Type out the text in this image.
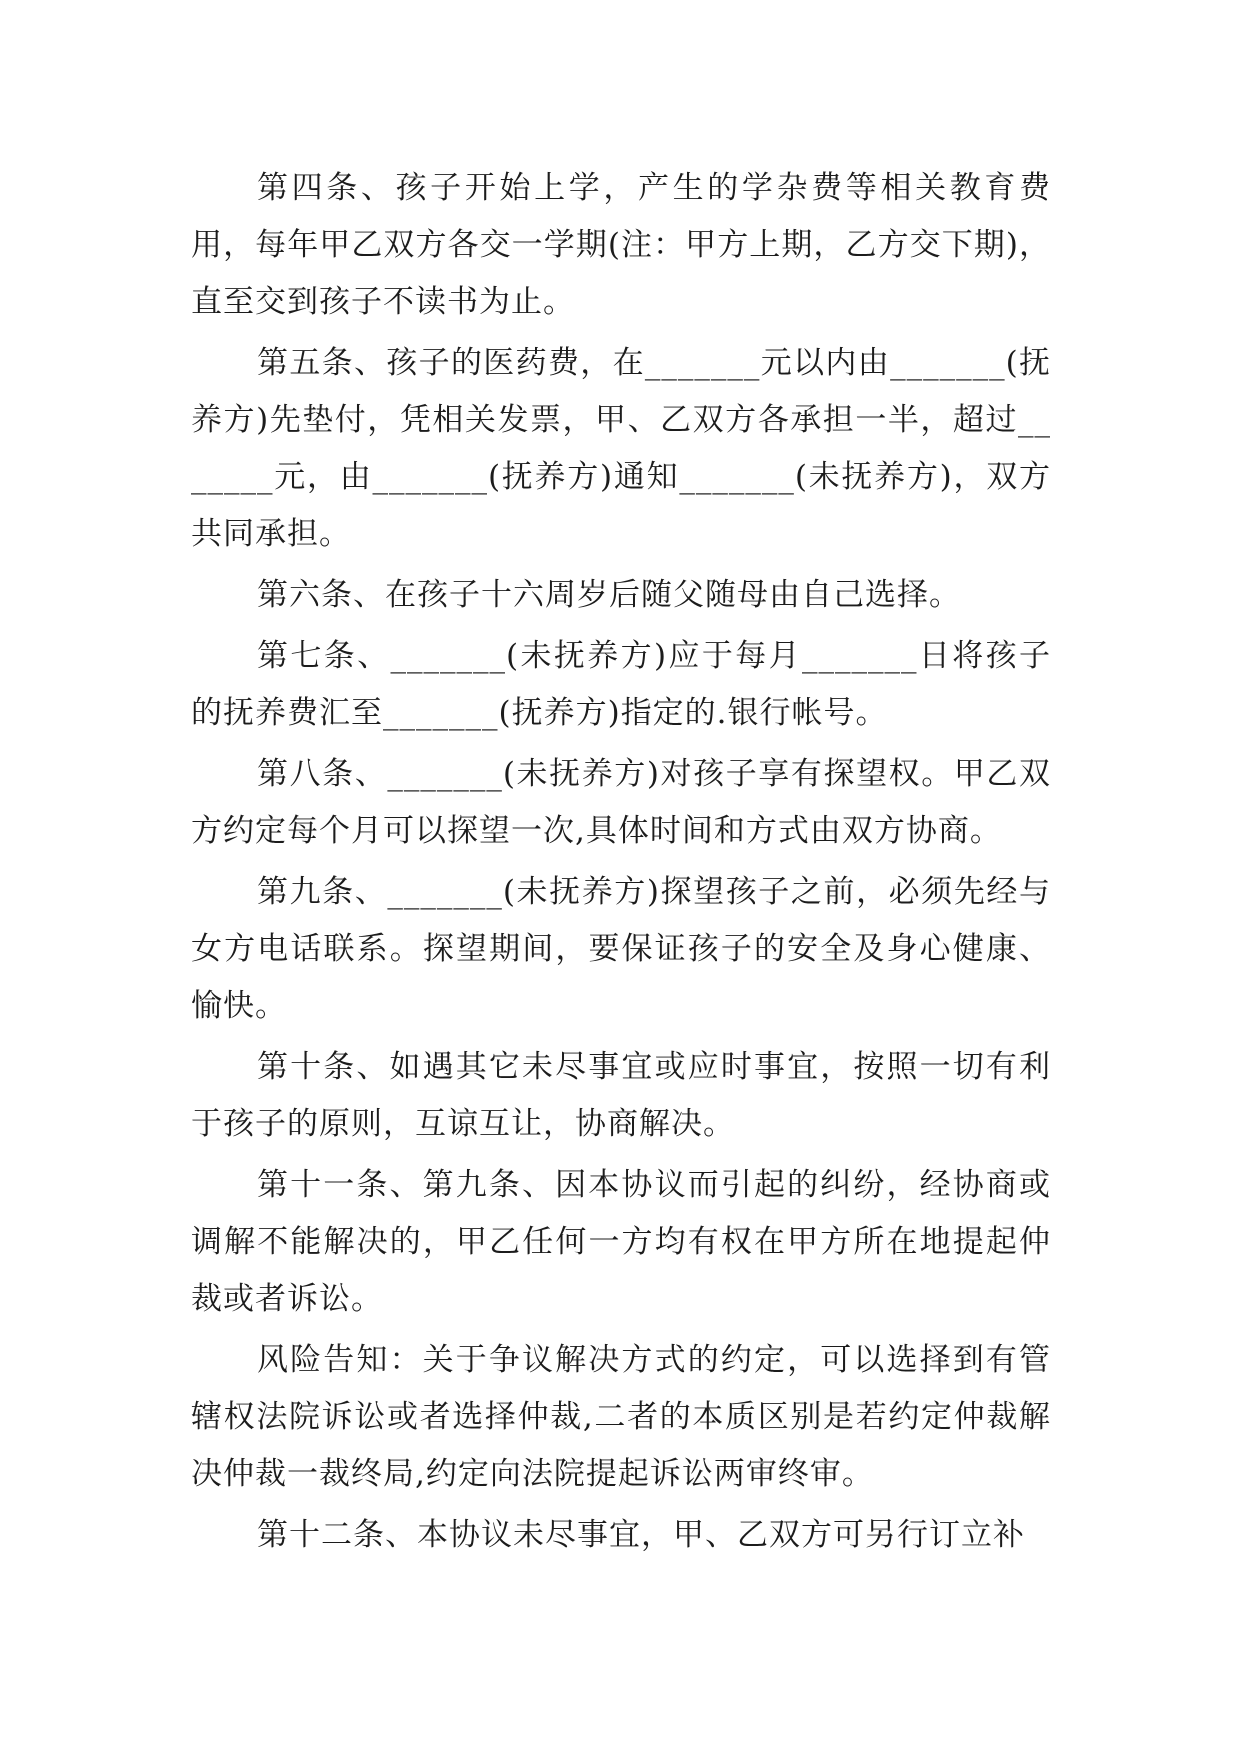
第四条、孩子开始上学，产生的学杂费等相关教育费用，每年甲乙双方各交一学期(注：甲方上期，乙方交下期)，直至交到孩子不读书为止。

第五条、孩子的医药费，在_______元以内由_______(抚养方)先垫付，凭相关发票，甲、乙双方各承担一半，超过_______元，由_______(抚养方)通知_______(未抚养方)，双方共同承担。

第六条、在孩子十六周岁后随父随母由自己选择。

第七条、_______(未抚养方)应于每月_______日将孩子的抚养费汇至_______(抚养方)指定的.银行帐号。

第八条、_______(未抚养方)对孩子享有探望权。甲乙双方约定每个月可以探望一次,具体时间和方式由双方协商。

第九条、_______(未抚养方)探望孩子之前，必须先经与女方电话联系。探望期间，要保证孩子的安全及身心健康、愉快。

第十条、如遇其它未尽事宜或应时事宜，按照一切有利于孩子的原则，互谅互让，协商解决。

第十一条、第九条、因本协议而引起的纠纷，经协商或调解不能解决的，甲乙任何一方均有权在甲方所在地提起仲裁或者诉讼。

风险告知：关于争议解决方式的约定，可以选择到有管辖权法院诉讼或者选择仲裁,二者的本质区别是若约定仲裁解决仲裁一裁终局,约定向法院提起诉讼两审终审。

第十二条、本协议未尽事宜，甲、乙双方可另行订立补
